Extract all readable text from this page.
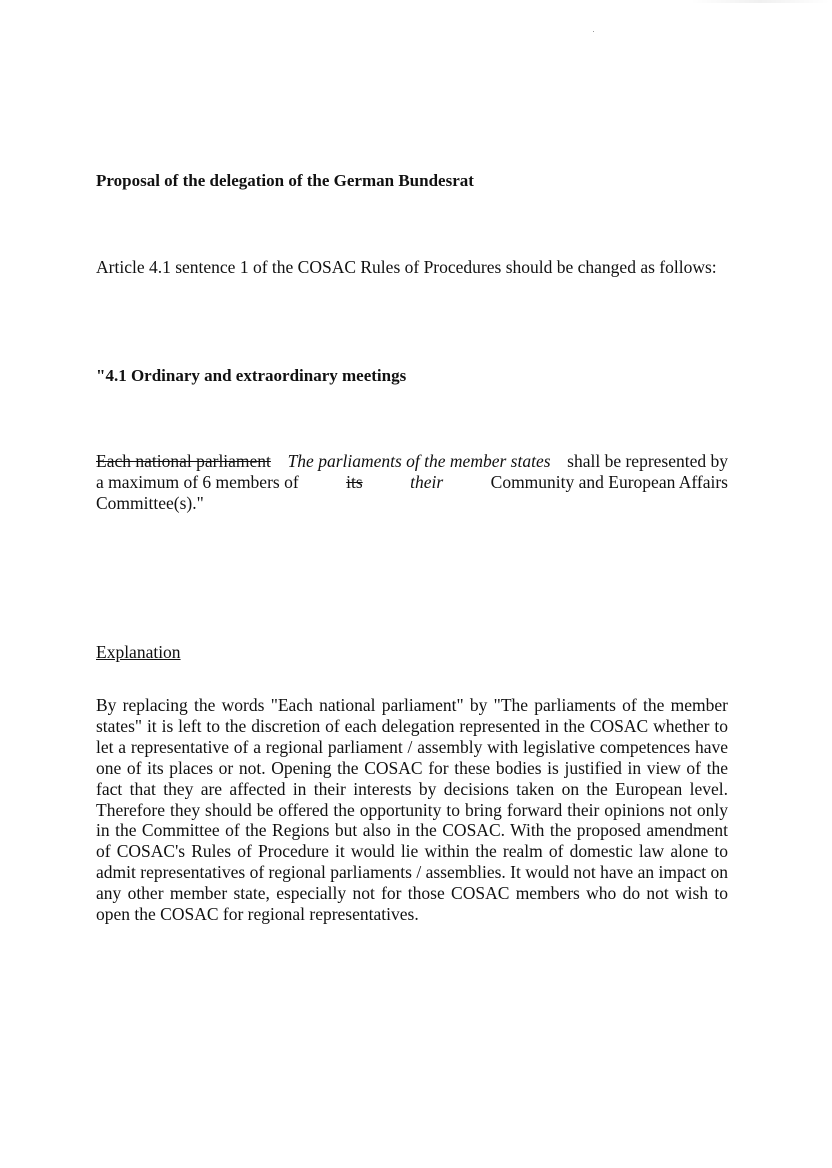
Proposal of the delegation of the German Bundesrat
Article 4.1 sentence 1 of the COSAC Rules of Procedures should be changed as follows:
"4.1 Ordinary and extraordinary meetings
Each national parliament The parliaments of the member states shall be represented by
a maximum of 6 members of	its	their	Community and European Affairs
Committee(s)."
Explanation
By replacing the words "Each national parliament" by "The parliaments of the member states" it is left to the discretion of each delegation represented in the COSAC whether to let a representative of a regional parliament / assembly with legislative competences have one of its places or not. Opening the COSAC for these bodies is justified in view of the fact that they are affected in their interests by decisions taken on the European level. Therefore they should be offered the opportunity to bring forward their opinions not only in the Committee of the Regions but also in the COSAC. With the proposed amendment of COSAC's Rules of Procedure it would lie within the realm of domestic law alone to admit representatives of regional parliaments / assemblies. It would not have an impact on any other member state, especially not for those COSAC members who do not wish to open the COSAC for regional representatives.
